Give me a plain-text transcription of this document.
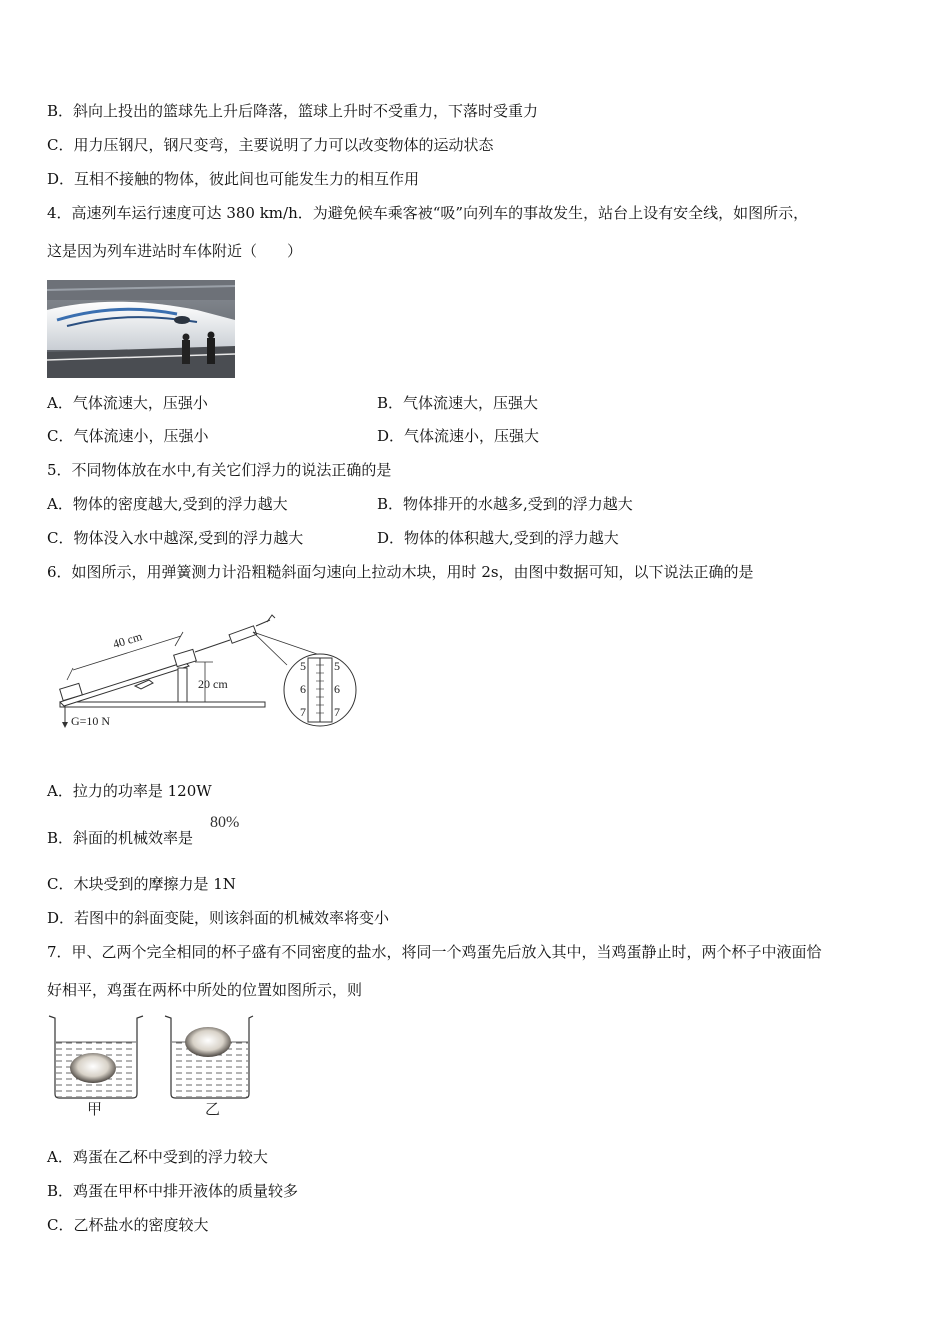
B．斜向上投出的篮球先上升后降落，篮球上升时不受重力，下落时受重力
C．用力压钢尺，钢尺变弯，主要说明了力可以改变物体的运动状态
D．互相不接触的物体，彼此间也可能发生力的相互作用
4．高速列车运行速度可达 380 km/h．为避免候车乘客被“吸”向列车的事故发生，站台上设有安全线，如图所示，
这是因为列车进站时车体附近（　　）
A．气体流速大，压强小	B．气体流速大，压强大
C．气体流速小，压强小	D．气体流速小，压强大
5．不同物体放在水中,有关它们浮力的说法正确的是
A．物体的密度越大,受到的浮力越大	B．物体排开的水越多,受到的浮力越大
C．物体没入水中越深,受到的浮力越大	D．物体的体积越大,受到的浮力越大
6．如图所示，用弹簧测力计沿粗糙斜面匀速向上拉动木块，用时 2s，由图中数据可知，以下说法正确的是
40 cm
20 cm
G=10 N
5
6
7
5
6
7
A．拉力的功率是 120W
B．斜面的机械效率是
80%
C．木块受到的摩擦力是 1N
D．若图中的斜面变陡，则该斜面的机械效率将变小
7．甲、乙两个完全相同的杯子盛有不同密度的盐水，将同一个鸡蛋先后放入其中，当鸡蛋静止时，两个杯子中液面恰
好相平，鸡蛋在两杯中所处的位置如图所示，则
甲	乙
A．鸡蛋在乙杯中受到的浮力较大
B．鸡蛋在甲杯中排开液体的质量较多
C．乙杯盐水的密度较大
